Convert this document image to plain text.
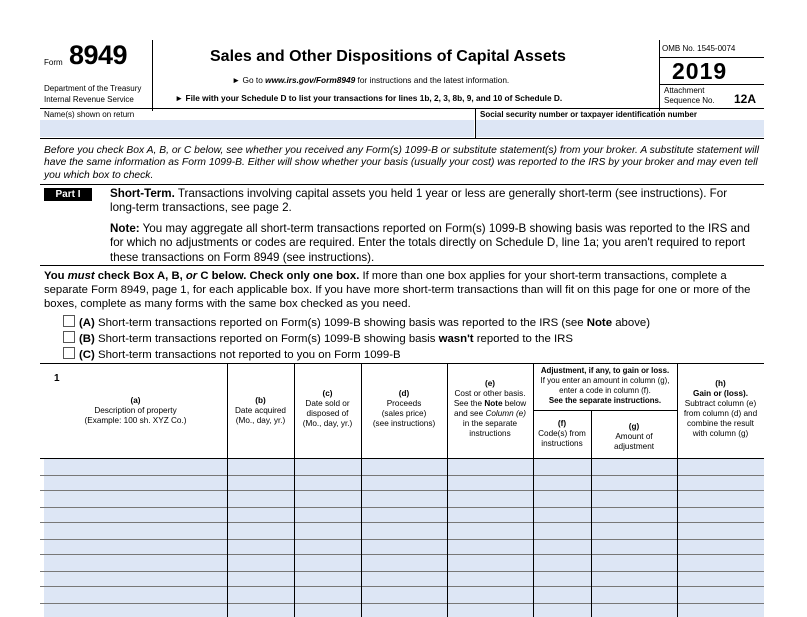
Form 8949
Department of the Treasury
Internal Revenue Service
Sales and Other Dispositions of Capital Assets
► Go to www.irs.gov/Form8949 for instructions and the latest information.
► File with your Schedule D to list your transactions for lines 1b, 2, 3, 8b, 9, and 10 of Schedule D.
OMB No. 1545-0074
2019
Attachment
Sequence No. 12A
Name(s) shown on return	Social security number or taxpayer identification number
Before you check Box A, B, or C below, see whether you received any Form(s) 1099-B or substitute statement(s) from your broker. A substitute statement will have the same information as Form 1099-B. Either will show whether your basis (usually your cost) was reported to the IRS by your broker and may even tell you which box to check.
Part I	Short-Term. Transactions involving capital assets you held 1 year or less are generally short-term (see instructions). For long-term transactions, see page 2.
Note: You may aggregate all short-term transactions reported on Form(s) 1099-B showing basis was reported to the IRS and for which no adjustments or codes are required. Enter the totals directly on Schedule D, line 1a; you aren't required to report these transactions on Form 8949 (see instructions).
You must check Box A, B, or C below. Check only one box. If more than one box applies for your short-term transactions, complete a separate Form 8949, page 1, for each applicable box. If you have more short-term transactions than will fit on this page for one or more of the boxes, complete as many forms with the same box checked as you need.
(A) Short-term transactions reported on Form(s) 1099-B showing basis was reported to the IRS (see Note above)
(B) Short-term transactions reported on Form(s) 1099-B showing basis wasn't reported to the IRS
(C) Short-term transactions not reported to you on Form 1099-B
1
(a)
Description of property
(Example: 100 sh. XYZ Co.)
(b)
Date acquired
(Mo., day, yr.)
(c)
Date sold or
disposed of
(Mo., day, yr.)
(d)
Proceeds
(sales price)
(see instructions)
(e)
Cost or other basis.
See the Note below
and see Column (e)
in the separate
instructions
Adjustment, if any, to gain or loss.
If you enter an amount in column (g),
enter a code in column (f).
See the separate instructions.
(f)
Code(s) from
instructions
(g)
Amount of
adjustment
(h)
Gain or (loss).
Subtract column (e)
from column (d) and
combine the result
with column (g)
